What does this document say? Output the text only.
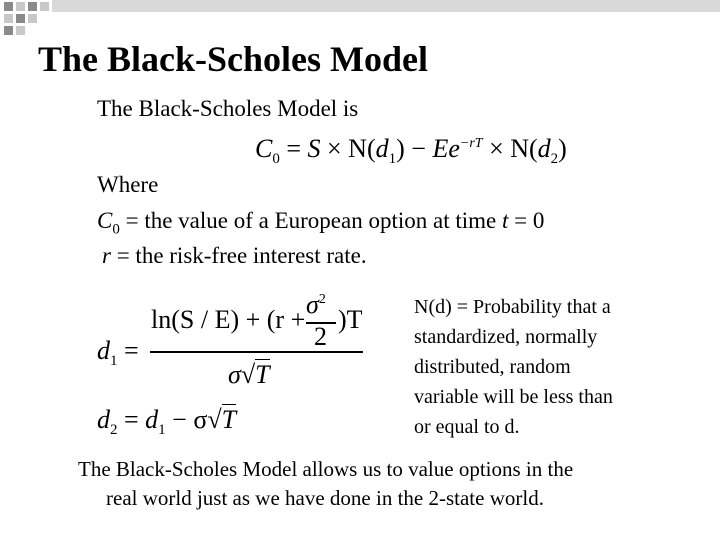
The Black-Scholes Model
The Black-Scholes Model is
$C_0 = S \times N(d_1) - Ee^{-rT} \times N(d_2)$
Where
$C_0$ = the value of a European option at time t = 0
r = the risk-free interest rate.
$d_1$ =
ln(S / E) + (r +
$\sigma^2$
2
)T
σ√T
$d_2 = d_1 - \sigma√T$
N(d) = Probability that a
standardized, normally
distributed, random
variable will be less than
or equal to d.
The Black-Scholes Model allows us to value options in the
real world just as we have done in the 2-state world.
